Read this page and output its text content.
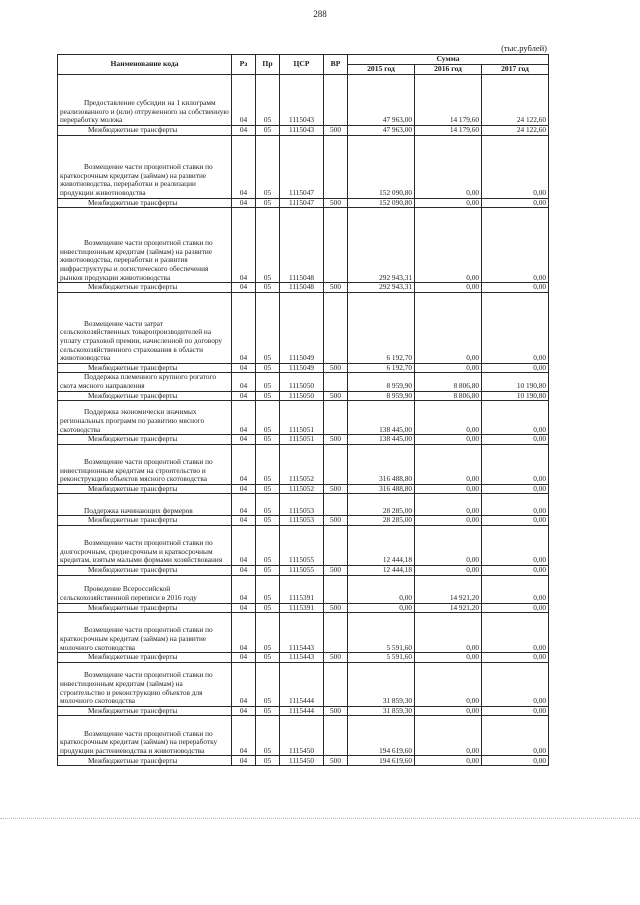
288
(тыс.рублей)
Наименование кода	Рз	Пр	ЦСР	ВР	Сумма		
					2015 год	2016 год	2017 год

Предоставление субсидии на 1 килограмм реализованного и (или) отгруженного на собственную переработку молока	04	05	1115043		47 963,00	14 179,60	24 122,60
Межбюджетные трансферты	04	05	1115043	500	47 963,00	14 179,60	24 122,60

Возмещение части процентной ставки по краткосрочным кредитам (займам) на развитие животноводства, переработки и реализации продукции животноводства	04	05	1115047		152 090,80	0,00	0,00
Межбюджетные трансферты	04	05	1115047	500	152 090,80	0,00	0,00

Возмещение части процентной ставки по инвестиционным кредитам (займам) на развитие животноводства, переработки и развития инфраструктуры и логистического обеспечения рынков продукции животноводства	04	05	1115048		292 943,31	0,00	0,00
Межбюджетные трансферты	04	05	1115048	500	292 943,31	0,00	0,00

Возмещение части затрат сельскохозяйственных товаропроизводителей на уплату страховой премии, начисленной по договору сельскохозяйственного страхования в области животноводства	04	05	1115049		6 192,70	0,00	0,00
Межбюджетные трансферты	04	05	1115049	500	6 192,70	0,00	0,00

Поддержка племенного крупного рогатого скота мясного направления	04	05	1115050		8 959,90	8 806,80	10 190,80
Межбюджетные трансферты	04	05	1115050	500	8 959,90	8 806,80	10 190,80

Поддержка экономически значимых региональных программ по развитию мясного скотоводства	04	05	1115051		138 445,00	0,00	0,00
Межбюджетные трансферты	04	05	1115051	500	138 445,00	0,00	0,00

Возмещение части процентной ставки по инвестиционным кредитам на строительство и реконструкцию объектов мясного скотоводства	04	05	1115052		316 488,80	0,00	0,00
Межбюджетные трансферты	04	05	1115052	500	316 488,80	0,00	0,00

Поддержка начинающих фермеров	04	05	1115053		28 285,00	0,00	0,00
Межбюджетные трансферты	04	05	1115053	500	28 285,00	0,00	0,00

Возмещение части процентной ставки по долгосрочным, среднесрочным и краткосрочным кредитам, взятым малыми формами хозяйствования	04	05	1115055		12 444,18	0,00	0,00
Межбюджетные трансферты	04	05	1115055	500	12 444,18	0,00	0,00

Проведение Всероссийской сельскохозяйственной переписи в 2016 году	04	05	1115391		0,00	14 921,20	0,00
Межбюджетные трансферты	04	05	1115391	500	0,00	14 921,20	0,00

Возмещение части процентной ставки по краткосрочным кредитам (займам) на развитие молочного скотоводства	04	05	1115443		5 591,60	0,00	0,00
Межбюджетные трансферты	04	05	1115443	500	5 591,60	0,00	0,00

Возмещение части процентной ставки по инвестиционным кредитам (займам) на строительство и реконструкцию объектов для молочного скотоводства	04	05	1115444		31 859,30	0,00	0,00
Межбюджетные трансферты	04	05	1115444	500	31 859,30	0,00	0,00

Возмещение части процентной ставки по краткосрочным кредитам (займам) на переработку продукции растениеводства и животноводства	04	05	1115450		194 619,60	0,00	0,00
Межбюджетные трансферты	04	05	1115450	500	194 619,60	0,00	0,00
